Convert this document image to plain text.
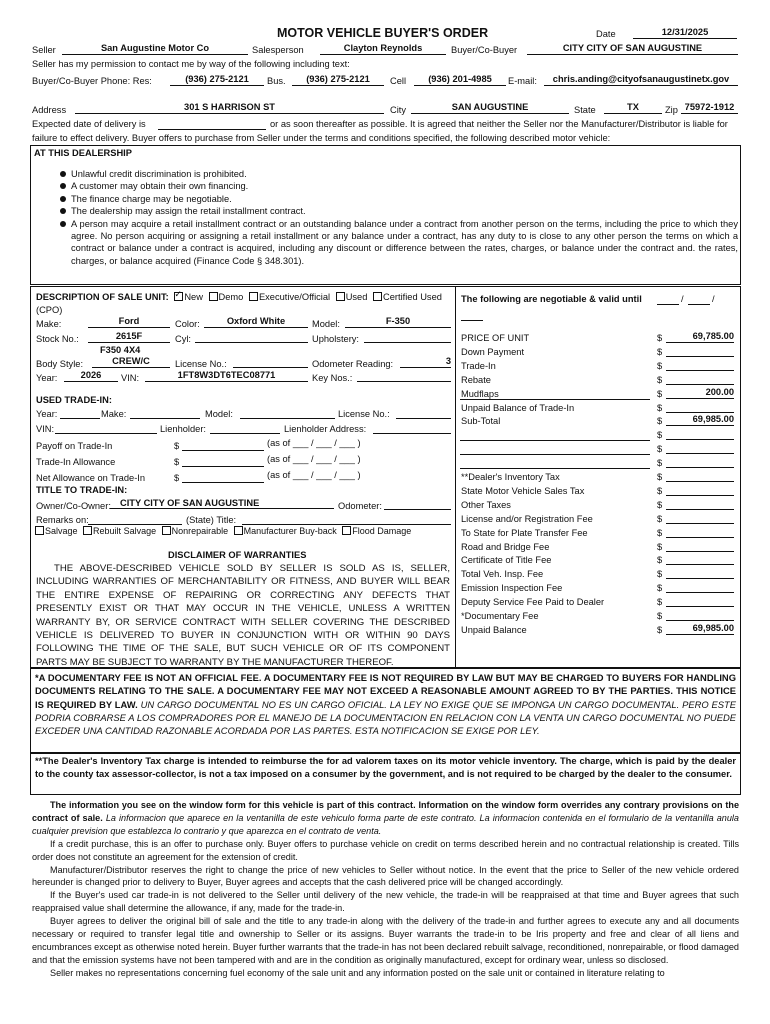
MOTOR VEHICLE BUYER'S ORDER	Date	12/31/2025
Seller	San Augustine Motor Co	Salesperson	Clayton Reynolds	Buyer/Co-Buyer	CITY CITY OF SAN AUGUSTINE
Seller has my permission to contact me by way of the following including text:
Buyer/Co-Buyer Phone: Res:	(936) 275-2121	Bus.	(936) 275-2121	Cell	(936) 201-4985	E-mail:	chris.anding@cityofsanaugustinetx.gov
Address	301 S HARRISON ST	City	SAN AUGUSTINE	State	TX	Zip 75972-1912
Expected date of delivery is	or as soon thereafter as possible. It is agreed that neither the Seller nor the Manufacturer/Distributor is liable for
failure to effect delivery. Buyer offers to purchase from Seller under the terms and conditions specified, the following described motor vehicle:
AT THIS DEALERSHIP
Unlawful credit discrimination is prohibited.
A customer may obtain their own financing.
The finance charge may be negotiable.
The dealership may assign the retail installment contract.
A person may acquire a retail installment contract or an outstanding balance under a contract from another person on the terms, including the price to which they agree. No person acquiring or assigning a retail installment or any balance under a contract, has any duty to is close to any other person the terms on which a contract or balance under a contract is acquired, including any discount or difference between the rates, charges, or balance under the contract and. the rates, charges, or balance acquired (Finance Code § 348.301).
DESCRIPTION OF SALE UNIT: ✓ New Demo Executive/Official Used Certified Used
(CPO)
Make:	Ford	Color:	Oxford White	Model:	F-350
Stock No.:	2615F	Cyl:	Upholstery:
F350 4X4
Body Style:	CREW/C	License No.:	Odometer Reading:	3
Year:	2026	VIN:	1FT8W3DT6TEC08771	Key Nos.:
USED TRADE-IN:
Year:	Make:	Model:	License No.:
VIN:	Lienholder:	Lienholder Address:
Payoff on Trade-In	$	(as of ___ / ___ / ___ )
Trade-In Allowance	$	(as of ___ / ___ / ___ )
Net Allowance on Trade-In	$	(as of ___ / ___ / ___ )
TITLE TO TRADE-IN:
Owner/Co-Owner: CITY CITY OF SAN AUGUSTINE	Odometer:
Remarks on:	(State) Title:
Salvage Rebuilt Salvage Nonrepairable Manufacturer Buy-back Flood Damage
DISCLAIMER OF WARRANTIES
THE ABOVE-DESCRIBED VEHICLE SOLD BY SELLER IS SOLD AS IS, SELLER, INCLUDING WARRANTIES OF MERCHANTABILITY OR FITNESS, AND BUYER WILL BEAR THE ENTIRE EXPENSE OF REPAIRING OR CORRECTING ANY DEFECTS THAT PRESENTLY EXIST OR THAT MAY OCCUR IN THE VEHICLE, UNLESS A WRITTEN WARRANTY BY, OR SERVICE CONTRACT WITH SELLER COVERING THE DESCRIBED VEHICLE IS DELIVERED TO BUYER IN CONJUNCTION WITH OR WITHIN 90 DAYS FOLLOWING THE TIME OF THE SALE, BUT SUCH VEHICLE OR OF ITS COMPONENT PARTS MAY BE SUBJECT TO WARRANTY BY THE MANUFACTURER THEREOF.
The following are negotiable & valid until	/	/
PRICE OF UNIT	$	69,785.00
Down Payment	$
Trade-In	$
Rebate	$
Mudflaps	$	200.00
Unpaid Balance of Trade-In	$
Sub-Total	$	69,985.00
$
$
$
**Dealer's Inventory Tax	$
State Motor Vehicle Sales Tax	$
Other Taxes	$
License and/or Registration Fee	$
To State for Plate Transfer Fee	$
Road and Bridge Fee	$
Certificate of Title Fee	$
Total Veh. Insp. Fee	$
Emission Inspection Fee	$
Deputy Service Fee Paid to Dealer	$
*Documentary Fee	$
Unpaid Balance	$	69,985.00
*A DOCUMENTARY FEE IS NOT AN OFFICIAL FEE. A DOCUMENTARY FEE IS NOT REQUIRED BY LAW BUT MAY BE CHARGED TO BUYERS FOR HANDLING DOCUMENTS RELATING TO THE SALE. A DOCUMENTARY FEE MAY NOT EXCEED A REASONABLE AMOUNT AGREED TO BY THE PARTIES. THIS NOTICE IS REQUIRED BY LAW. UN CARGO DOCUMENTAL NO ES UN CARGO OFICIAL. LA LEY NO EXIGE QUE SE IMPONGA UN CARGO DOCUMENTAL. PERO ESTE PODRIA COBRARSE A LOS COMPRADORES POR EL MANEJO DE LA DOCUMENTACION EN RELACION CON LA VENTA UN CARGO DOCUMENTAL NO PUEDE EXCEDER UNA CANTIDAD RAZONABLE ACORDADA POR LAS PARTES. ESTA NOTIFICACION SE EXIGE POR LEY.
**The Dealer's Inventory Tax charge is intended to reimburse the for ad valorem taxes on its motor vehicle inventory. The charge, which is paid by the dealer to the county tax assessor-collector, is not a tax imposed on a consumer by the government, and is not required to be charged by the dealer to the consumer.
The information you see on the window form for this vehicle is part of this contract. Information on the window form overrides any contrary provisions on the contract of sale. La informacion que aparece en la ventanilla de este vehiculo forma parte de este contrato. La informacion contenida en el formulario de la ventanilla anula cualquier prevision que establezca lo contrario y que aparezca en el contrato de venta.
If a credit purchase, this is an offer to purchase only. Buyer offers to purchase vehicle on credit on terms described herein and no contractual relationship is created. Tills order does not constitute an agreement for the extension of credit.
Manufacturer/Distributor reserves the right to change the price of new vehicles to Seller without notice. In the event that the price to Seller of the new vehicle ordered hereunder is changed prior to delivery to Buyer, Buyer agrees and accepts that the cash delivered price will be changed accordingly.
If the Buyer's used car trade-in is not delivered to the Seller until delivery of the new vehicle, the trade-in will be reappraised at that time and Buyer agrees that such reappraised value shall determine the allowance, if any, made for the trade-in.
Buyer agrees to deliver the original bill of sale and the title to any trade-in along with the delivery of the trade-in and further agrees to execute any and all documents necessary or required to transfer legal title and ownership to Seller or its assigns. Buyer warrants the trade-in to be Iris property and free and clear of all liens and encumbrances except as otherwise noted herein. Buyer further warrants that the trade-in has not been declared rebuilt salvage, reconditioned, nonrepairable, or flood damaged and that the emission systems have not been tampered with and are in the condition as originally manufactured, except for ordinary wear, unless so disclosed.
Seller makes no representations concerning fuel economy of the sale unit and any information posted on the sale unit or contained in literature relating to
